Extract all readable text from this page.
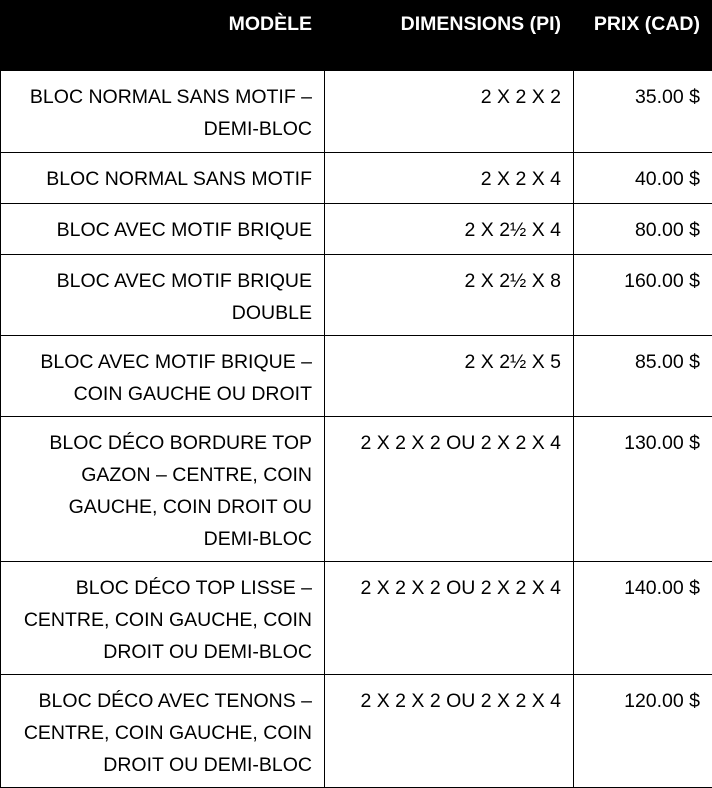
MODÈLE	DIMENSIONS (PI)	PRIX (CAD)
BLOC NORMAL SANS MOTIF – DEMI-BLOC	2 X 2 X 2	35.00 $
BLOC NORMAL SANS MOTIF	2 X 2 X 4	40.00 $
BLOC AVEC MOTIF BRIQUE	2 X 2½ X 4	80.00 $
BLOC AVEC MOTIF BRIQUE DOUBLE	2 X 2½ X 8	160.00 $
BLOC AVEC MOTIF BRIQUE – COIN GAUCHE OU DROIT	2 X 2½ X 5	85.00 $
BLOC DÉCO BORDURE TOP GAZON – CENTRE, COIN GAUCHE, COIN DROIT OU DEMI-BLOC	2 X 2 X 2 OU 2 X 2 X 4	130.00 $
BLOC DÉCO TOP LISSE – CENTRE, COIN GAUCHE, COIN DROIT OU DEMI-BLOC	2 X 2 X 2 OU 2 X 2 X 4	140.00 $
BLOC DÉCO AVEC TENONS – CENTRE, COIN GAUCHE, COIN DROIT OU DEMI-BLOC	2 X 2 X 2 OU 2 X 2 X 4	120.00 $
